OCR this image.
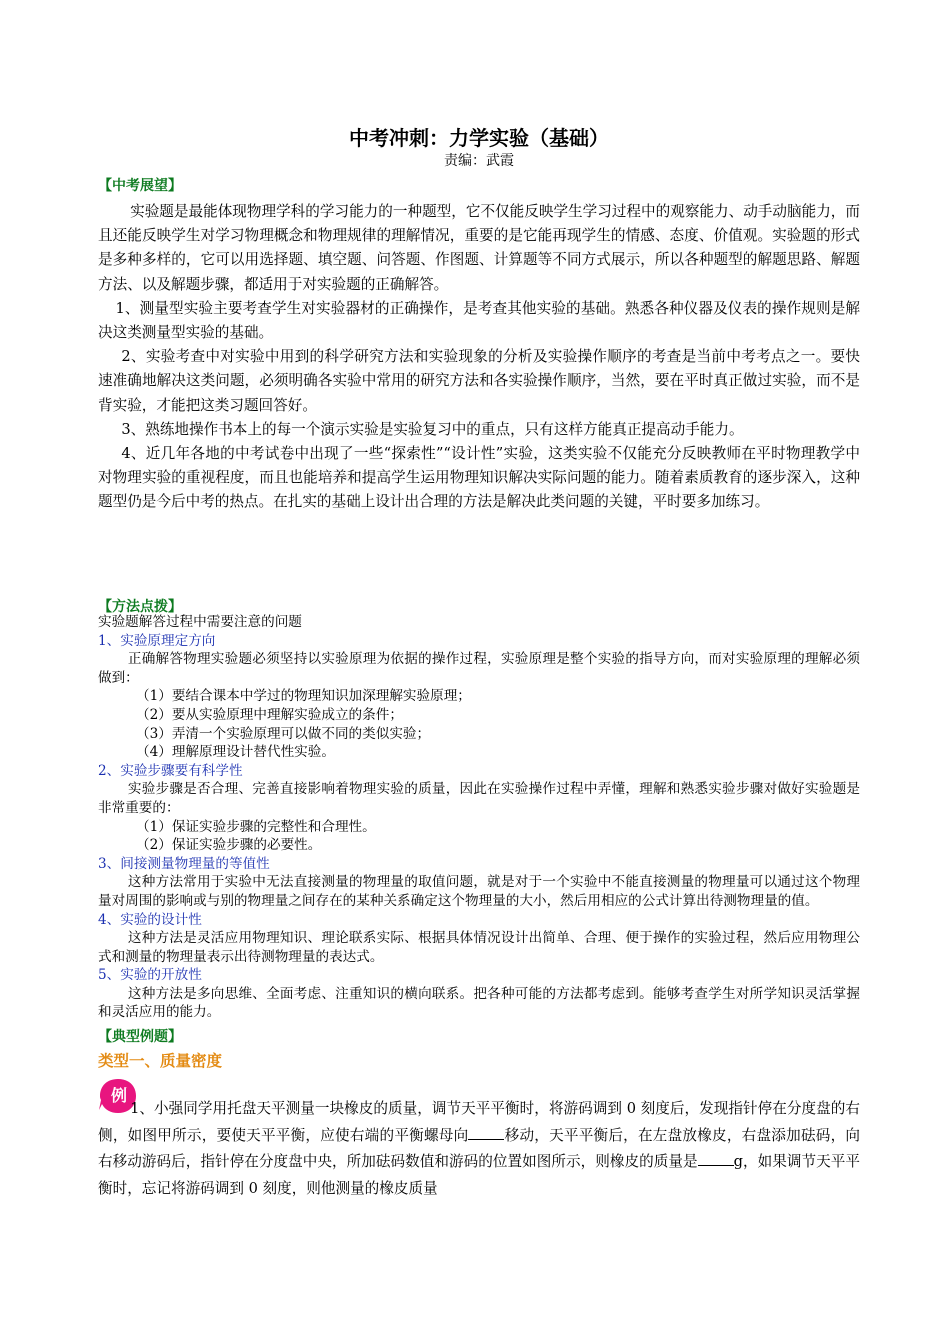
中考冲刺：力学实验（基础）
责编：武霞
【中考展望】

实验题是最能体现物理学科的学习能力的一种题型，它不仅能反映学生学习过程中的观察能力、动手动脑能力，而且还能反映学生对学习物理概念和物理规律的理解情况，重要的是它能再现学生的情感、态度、价值观。实验题的形式是多种多样的，它可以用选择题、填空题、问答题、作图题、计算题等不同方式展示，所以各种题型的解题思路、解题方法、以及解题步骤，都适用于对实验题的正确解答。

1、测量型实验主要考查学生对实验器材的正确操作，是考查其他实验的基础。熟悉各种仪器及仪表的操作规则是解决这类测量型实验的基础。

2、实验考查中对实验中用到的科学研究方法和实验现象的分析及实验操作顺序的考查是当前中考考点之一。要快速准确地解决这类问题，必须明确各实验中常用的研究方法和各实验操作顺序，当然，要在平时真正做过实验，而不是背实验，才能把这类习题回答好。

3、熟练地操作书本上的每一个演示实验是实验复习中的重点，只有这样方能真正提高动手能力。

4、近几年各地的中考试卷中出现了一些“探索性”“设计性”实验，这类实验不仅能充分反映教师在平时物理教学中对物理实验的重视程度，而且也能培养和提高学生运用物理知识解决实际问题的能力。随着素质教育的逐步深入，这种题型仍是今后中考的热点。在扎实的基础上设计出合理的方法是解决此类问题的关键，平时要多加练习。

【方法点拨】

实验题解答过程中需要注意的问题

1、实验原理定方向

正确解答物理实验题必须坚持以实验原理为依据的操作过程，实验原理是整个实验的指导方向，而对实验原理的理解必须做到：

（1）要结合课本中学过的物理知识加深理解实验原理；

（2）要从实验原理中理解实验成立的条件；

（3）弄清一个实验原理可以做不同的类似实验；

（4）理解原理设计替代性实验。

2、实验步骤要有科学性

实验步骤是否合理、完善直接影响着物理实验的质量，因此在实验操作过程中弄懂，理解和熟悉实验步骤对做好实验题是非常重要的：

（1）保证实验步骤的完整性和合理性。

（2）保证实验步骤的必要性。

3、间接测量物理量的等值性

这种方法常用于实验中无法直接测量的物理量的取值问题，就是对于一个实验中不能直接测量的物理量可以通过这个物理量对周围的影响或与别的物理量之间存在的某种关系确定这个物理量的大小，然后用相应的公式计算出待测物理量的值。

4、实验的设计性

这种方法是灵活应用物理知识、理论联系实际、根据具体情况设计出简单、合理、便于操作的实验过程，然后应用物理公式和测量的物理量表示出待测物理量的表达式。

5、实验的开放性

这种方法是多向思维、全面考虑、注重知识的横向联系。把各种可能的方法都考虑到。能够考查学生对所学知识灵活掌握和灵活应用的能力。

【典型例题】
类型一、质量密度
例

1、小强同学用托盘天平测量一块橡皮的质量，调节天平平衡时，将游码调到 0 刻度后，发现指针停在分度盘的右侧，如图甲所示，要使天平平衡，应使右端的平衡螺母向 移动，天平平衡后，在左盘放橡皮，右盘添加砝码，向右移动游码后，指针停在分度盘中央，所加砝码数值和游码的位置如图所示，则橡皮的质量是 g，如果调节天平平衡时，忘记将游码调到 0 刻度，则他测量的橡皮质量
